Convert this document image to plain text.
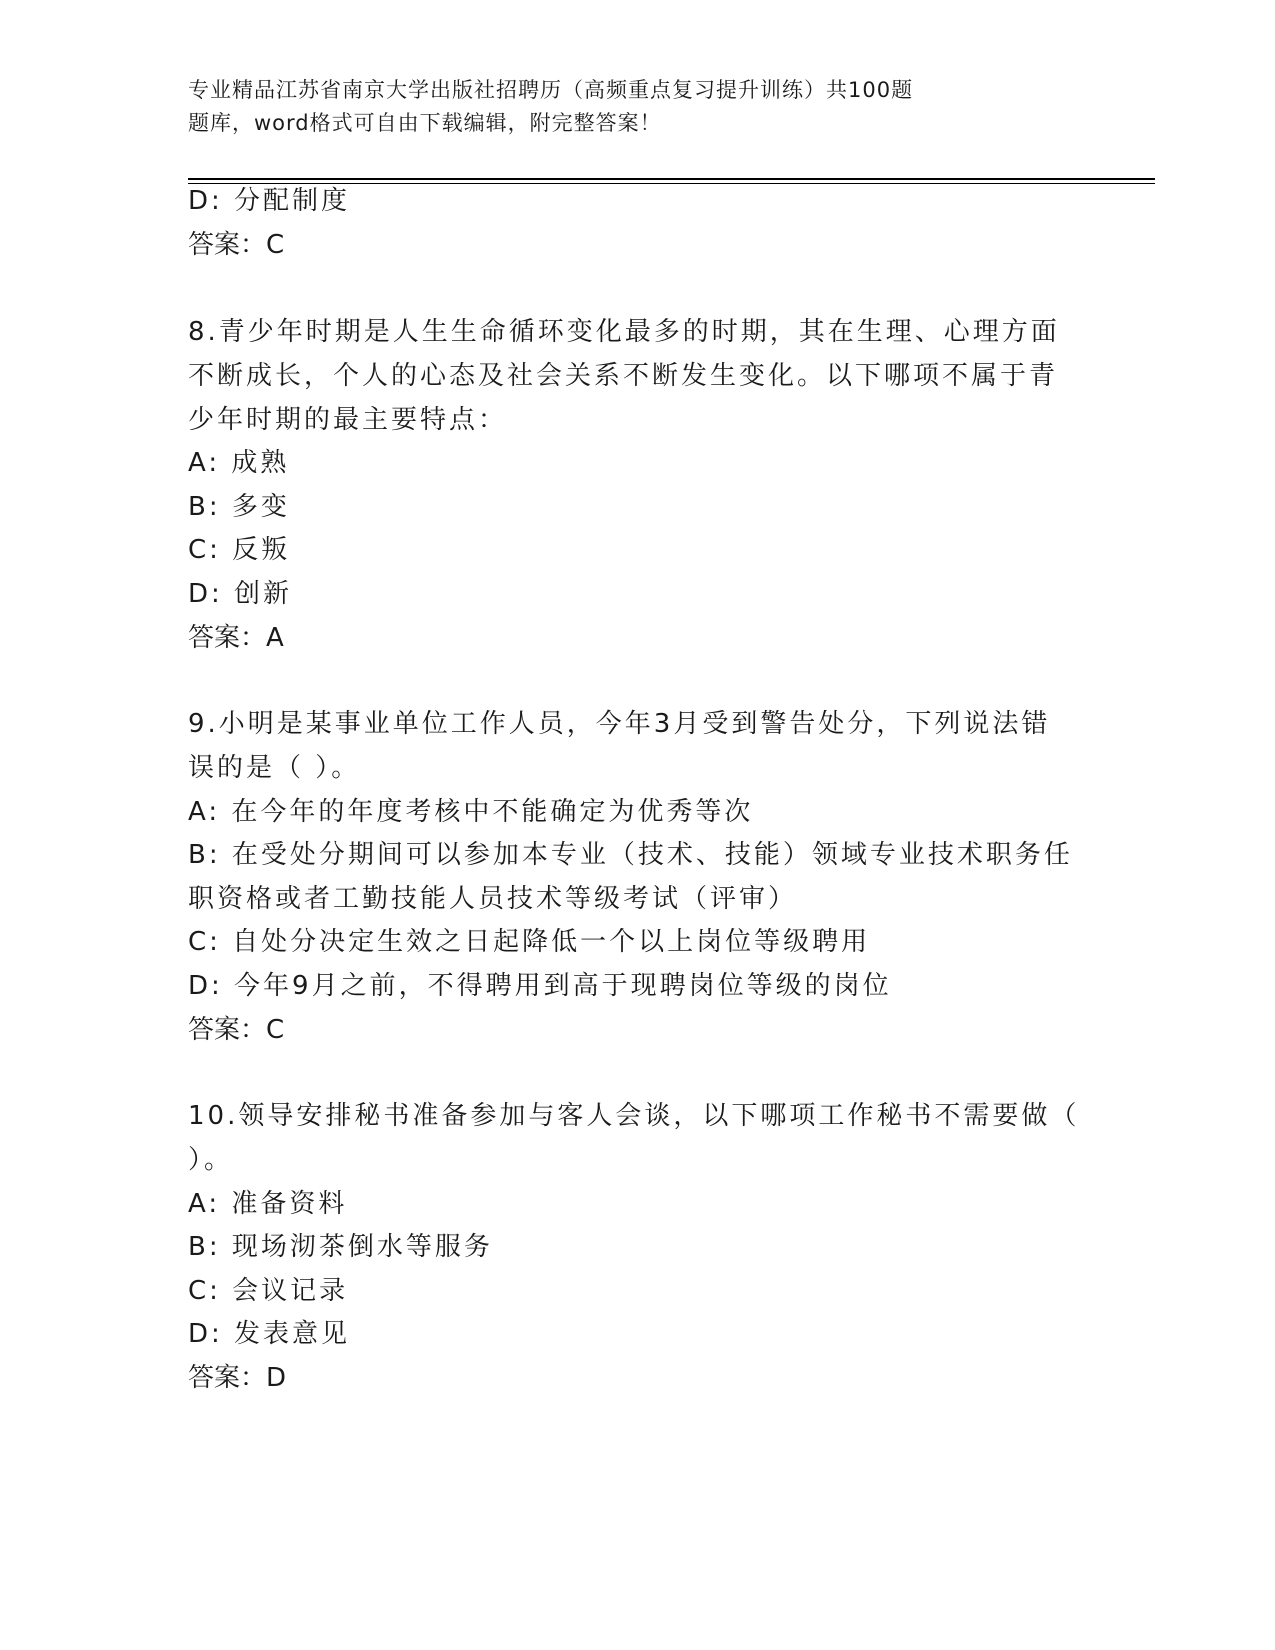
专业精品江苏省南京大学出版社招聘历（高频重点复习提升训练）共100题
题库，word格式可自由下载编辑，附完整答案！
D: 分配制度
答案：C
8.青少年时期是人生生命循环变化最多的时期，其在生理、心理方面
不断成长，个人的心态及社会关系不断发生变化。以下哪项不属于青
少年时期的最主要特点：
A: 成熟
B: 多变
C: 反叛
D: 创新
答案：A
9.小明是某事业单位工作人员，今年3月受到警告处分，下列说法错
误的是（ ）。
A: 在今年的年度考核中不能确定为优秀等次
B: 在受处分期间可以参加本专业（技术、技能）领域专业技术职务任
职资格或者工勤技能人员技术等级考试（评审）
C: 自处分决定生效之日起降低一个以上岗位等级聘用
D: 今年9月之前，不得聘用到高于现聘岗位等级的岗位
答案：C
10.领导安排秘书准备参加与客人会谈，以下哪项工作秘书不需要做（
）。
A: 准备资料
B: 现场沏茶倒水等服务
C: 会议记录
D: 发表意见
答案：D
